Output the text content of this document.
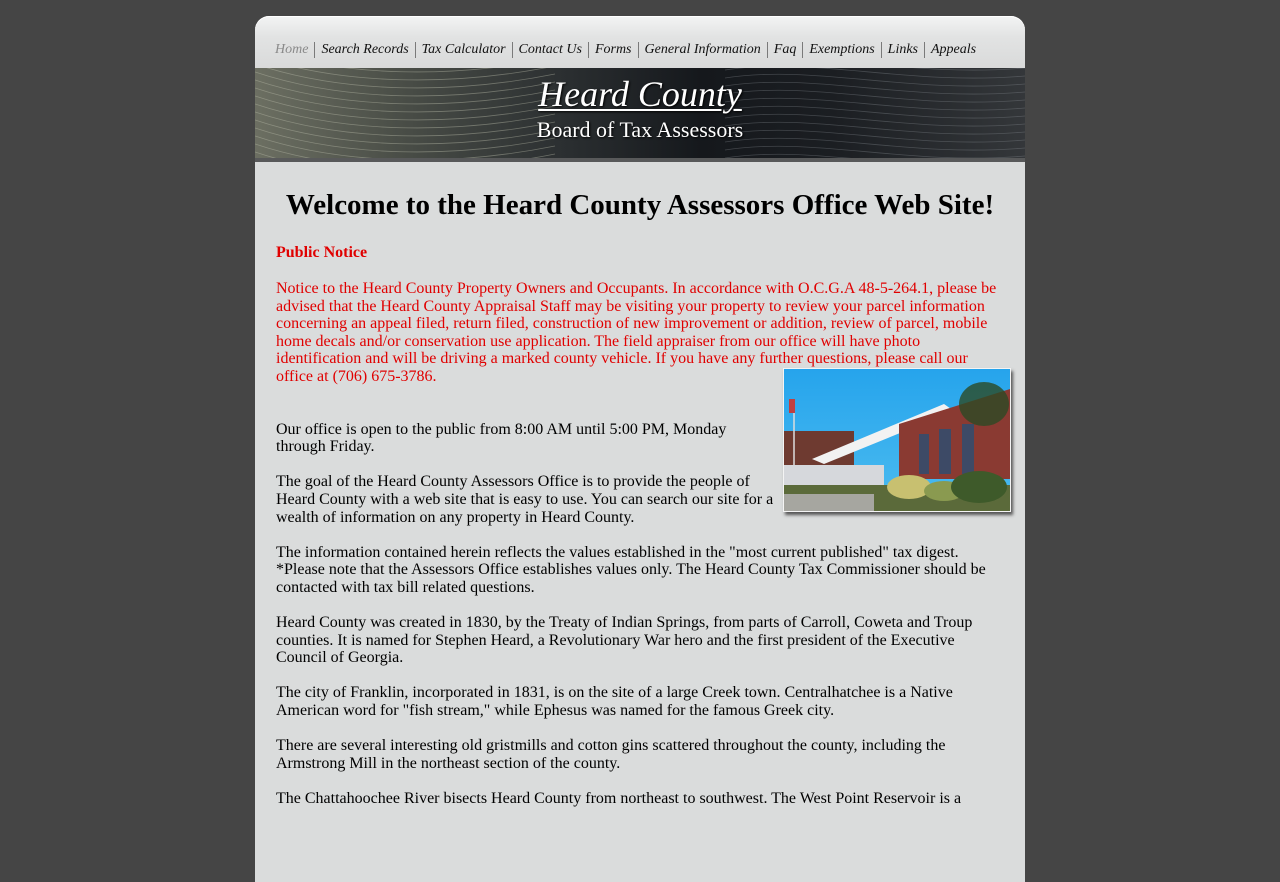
Home Search Records Tax Calculator Contact Us Forms General Information Faq Exemptions Links Appeals
Heard County
Board of Tax Assessors
Welcome to the Heard County Assessors Office Web Site!
Public Notice
Notice to the Heard County Property Owners and Occupants. In accordance with O.C.G.A 48-5-264.1, please be advised that the Heard County Appraisal Staff may be visiting your property to review your parcel information concerning an appeal filed, return filed, construction of new improvement or addition, review of parcel, mobile home decals and/or conservation use application. The field appraiser from our office will have photo identification and will be driving a marked county vehicle. If you have any further questions, please call our office at (706) 675-3786.
Our office is open to the public from 8:00 AM until 5:00 PM, Monday through Friday.
The goal of the Heard County Assessors Office is to provide the people of Heard County with a web site that is easy to use. You can search our site for a wealth of information on any property in Heard County.
The information contained herein reflects the values established in the "most current published" tax digest. *Please note that the Assessors Office establishes values only. The Heard County Tax Commissioner should be contacted with tax bill related questions.
Heard County was created in 1830, by the Treaty of Indian Springs, from parts of Carroll, Coweta and Troup counties. It is named for Stephen Heard, a Revolutionary War hero and the first president of the Executive Council of Georgia.
The city of Franklin, incorporated in 1831, is on the site of a large Creek town. Centralhatchee is a Native American word for "fish stream," while Ephesus was named for the famous Greek city.
There are several interesting old gristmills and cotton gins scattered throughout the county, including the Armstrong Mill in the northeast section of the county.
The Chattahoochee River bisects Heard County from northeast to southwest. The West Point Reservoir is a
